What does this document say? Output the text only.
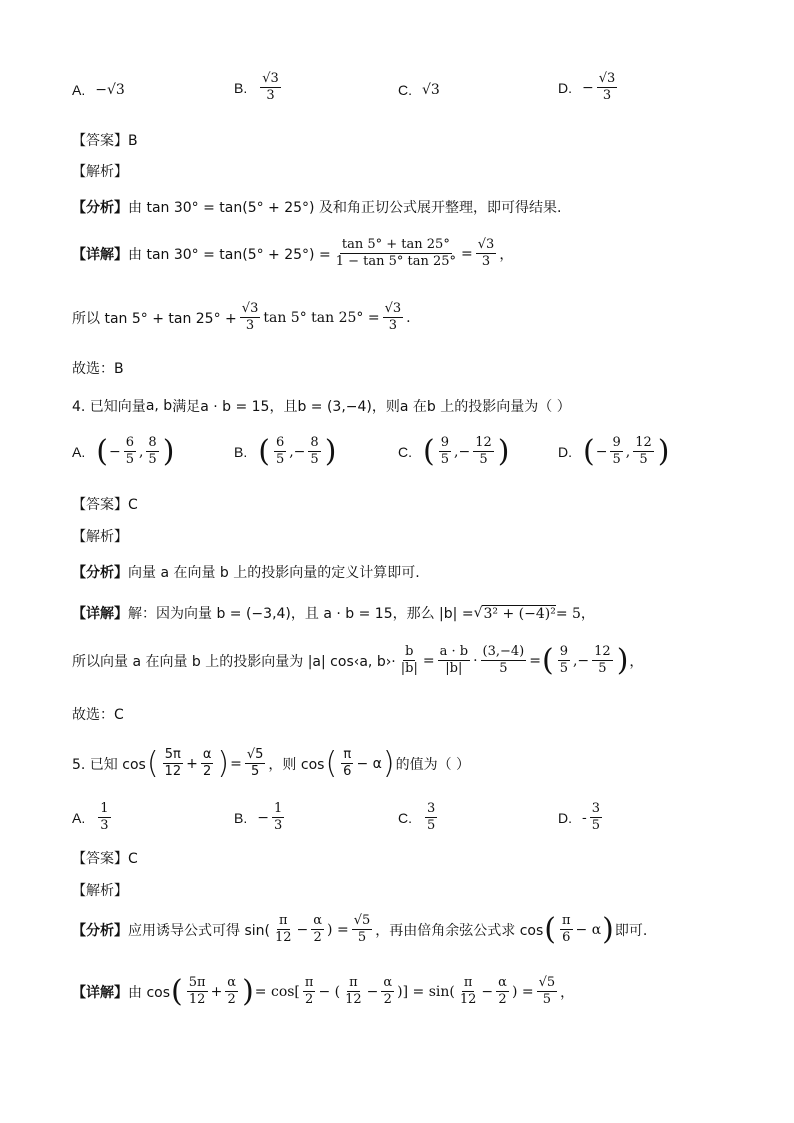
A. −√3	B. $\frac{√3}{3}$	C. √3	D. − $\frac{√3}{3}$
【答案】B
【解析】
【分析】 由 tan 30° = tan(5° + 25°) 及和角正切公式展开整理，即可得结果.
【详解】 由 $\tan 30^\circ = \tan(5^\circ + 25^\circ) = \frac{\tan 5^\circ + \tan 25^\circ}{1 - \tan 5^\circ \tan 25^\circ} = \frac{√3}{3}$ ，
所以 $\tan 5^\circ + \tan 25^\circ + \frac{√3}{3}$ tan 5° $\tan 25^\circ = \frac{√3}{3}$ .
故选：B
4. 已知向量 a, b 满足 a · b = 15，且 b = (3,−4)，则 a 在 b 上的投影向量为（ ）
A. ( − $\frac{6}{5}$ , $\frac{8}{5}$ )	B. ( $\frac{6}{5}$ ,− $\frac{8}{5}$ )	C. ( $\frac{9}{5}$ ,− $\frac{12}{5}$ )	D. ( − $\frac{9}{5}$ , $\frac{12}{5}$ )
【答案】C
【解析】
【分析】 向量 a 在向量 b 上的投影向量的定义计算即可.
【详解】 解：因为向量 b = (−3,4)，且 a · b = 15，那么 |b| = √ 3² + (−4)² = 5，
所以向量 a 在向量 b 上的投影向量为 |a| cos‹a, b›· $\frac{b}{|b|} = \frac{a \cdot b}{|b|} \cdot \frac{(3,-4)}{5}$ = ( $\frac{9}{5}$ ,− $\frac{12}{5}$ ) ，
故选：C
5. 已知 cos ( $\frac{5\pi}{12} + \frac{\alpha}{2}$ ) = $\frac{√5}{5}$ ，则 cos ( $\frac{\pi}{6} - \alpha$ ) 的值为（ ）
A. $\frac{1}{3}$	B. − $\frac{1}{3}$	C. $\frac{3}{5}$	D. - $\frac{3}{5}$
【答案】C
【解析】
【分析】 应用诱导公式可得 $\sin( \frac{\pi}{12} - \frac{\alpha}{2}$ ) = $\frac{√5}{5}$ ，再由倍角余弦公式求 cos ( $\frac{\pi}{6} - \alpha$ ) 即可.
【详解】 由 cos ( $\frac{5\pi}{12} + \frac{\alpha}{2}$ ) = $\cos[ \frac{\pi}{2}$ − ( $\frac{\pi}{12} - \frac{\alpha}{2}$ )] = $\sin( \frac{\pi}{12} - \frac{\alpha}{2}$ ) = $\frac{√5}{5}$ ，
